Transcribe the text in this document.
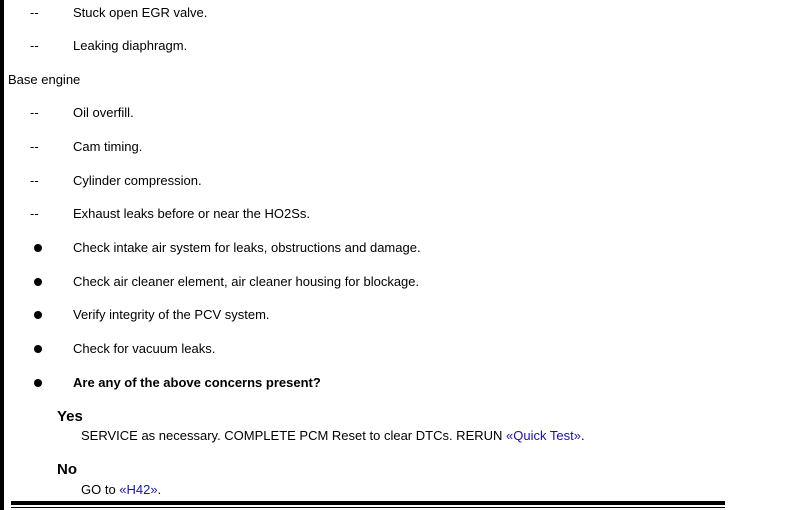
--	Stuck open EGR valve.
--	Leaking diaphragm.
Base engine
--	Oil overfill.
--	Cam timing.
--	Cylinder compression.
--	Exhaust leaks before or near the HO2Ss.
Check intake air system for leaks, obstructions and damage.
Check air cleaner element, air cleaner housing for blockage.
Verify integrity of the PCV system.
Check for vacuum leaks.
Are any of the above concerns present?
Yes
SERVICE as necessary. COMPLETE PCM Reset to clear DTCs. RERUN «Quick Test».
No
GO to «H42».
